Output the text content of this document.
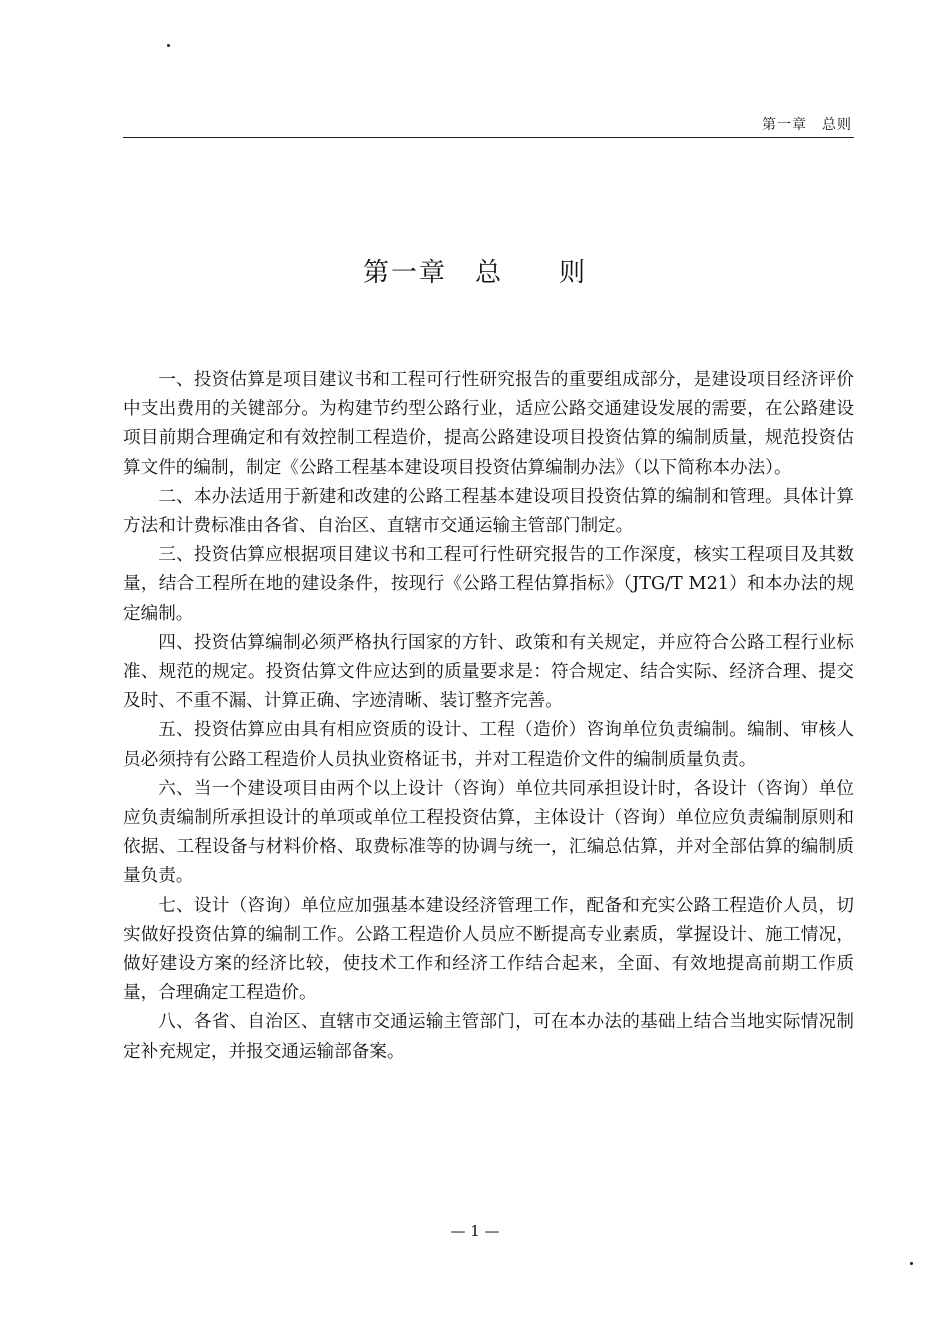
第一章　总则
第一章　总　　则

一、投资估算是项目建议书和工程可行性研究报告的重要组成部分，是建设项目经济评价中支出费用的关键部分。为构建节约型公路行业，适应公路交通建设发展的需要，在公路建设项目前期合理确定和有效控制工程造价，提高公路建设项目投资估算的编制质量，规范投资估算文件的编制，制定《公路工程基本建设项目投资估算编制办法》（以下简称本办法）。

二、本办法适用于新建和改建的公路工程基本建设项目投资估算的编制和管理。具体计算方法和计费标准由各省、自治区、直辖市交通运输主管部门制定。

三、投资估算应根据项目建议书和工程可行性研究报告的工作深度，核实工程项目及其数量，结合工程所在地的建设条件，按现行《公路工程估算指标》（JTG/T M21）和本办法的规定编制。

四、投资估算编制必须严格执行国家的方针、政策和有关规定，并应符合公路工程行业标准、规范的规定。投资估算文件应达到的质量要求是：符合规定、结合实际、经济合理、提交及时、不重不漏、计算正确、字迹清晰、装订整齐完善。

五、投资估算应由具有相应资质的设计、工程（造价）咨询单位负责编制。编制、审核人员必须持有公路工程造价人员执业资格证书，并对工程造价文件的编制质量负责。

六、当一个建设项目由两个以上设计（咨询）单位共同承担设计时，各设计（咨询）单位应负责编制所承担设计的单项或单位工程投资估算，主体设计（咨询）单位应负责编制原则和依据、工程设备与材料价格、取费标准等的协调与统一，汇编总估算，并对全部估算的编制质量负责。

七、设计（咨询）单位应加强基本建设经济管理工作，配备和充实公路工程造价人员，切实做好投资估算的编制工作。公路工程造价人员应不断提高专业素质，掌握设计、施工情况，做好建设方案的经济比较，使技术工作和经济工作结合起来，全面、有效地提高前期工作质量，合理确定工程造价。

八、各省、自治区、直辖市交通运输主管部门，可在本办法的基础上结合当地实际情况制定补充规定，并报交通运输部备案。

— 1 —
